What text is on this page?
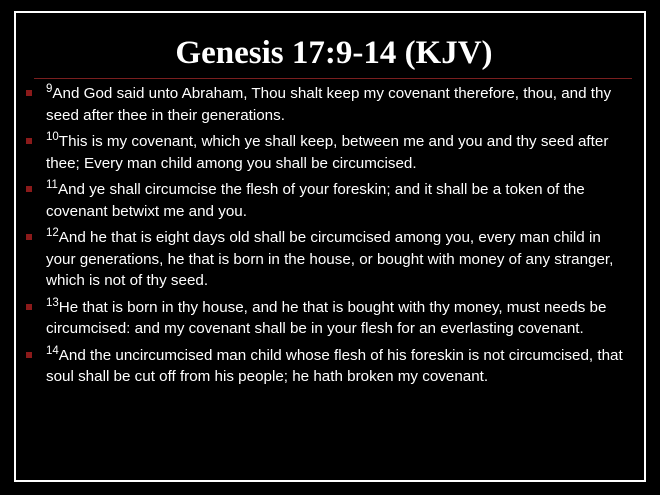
Genesis 17:9-14 (KJV)
$^9$And God said unto Abraham, Thou shalt keep my covenant therefore, thou, and thy seed after thee in their generations.
$^{10}$This is my covenant, which ye shall keep, between me and you and thy seed after thee; Every man child among you shall be circumcised.
$^{11}$And ye shall circumcise the flesh of your foreskin; and it shall be a token of the covenant betwixt me and you.
$^{12}$And he that is eight days old shall be circumcised among you, every man child in your generations, he that is born in the house, or bought with money of any stranger, which is not of thy seed.
$^{13}$He that is born in thy house, and he that is bought with thy money, must needs be circumcised: and my covenant shall be in your flesh for an everlasting covenant.
$^{14}$And the uncircumcised man child whose flesh of his foreskin is not circumcised, that soul shall be cut off from his people; he hath broken my covenant.
